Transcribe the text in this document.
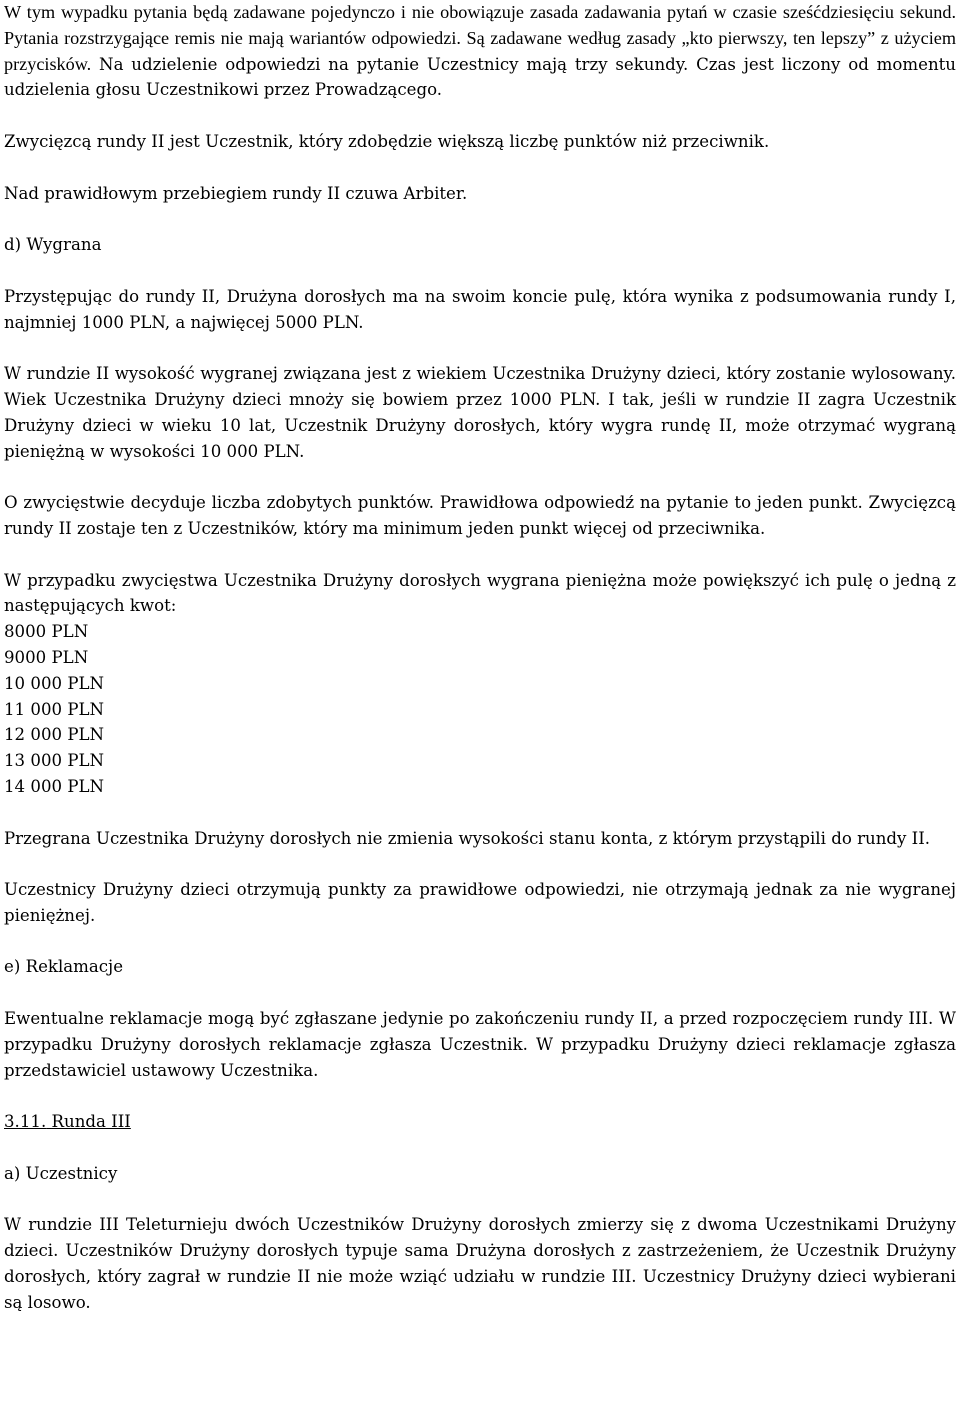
W tym wypadku pytania będą zadawane pojedynczo i nie obowiązuje zasada zadawania pytań w czasie sześćdziesięciu sekund. Pytania rozstrzygające remis nie mają wariantów odpowiedzi. Są zadawane według zasady „kto pierwszy, ten lepszy” z użyciem przycisków. Na udzielenie odpowiedzi na pytanie Uczestnicy mają trzy sekundy. Czas jest liczony od momentu udzielenia głosu Uczestnikowi przez Prowadzącego.

Zwycięzcą rundy II jest Uczestnik, który zdobędzie większą liczbę punktów niż przeciwnik.

Nad prawidłowym przebiegiem rundy II czuwa Arbiter.

d) Wygrana

Przystępując do rundy II, Drużyna dorosłych ma na swoim koncie pulę, która wynika z podsumowania rundy I, najmniej 1000 PLN, a najwięcej 5000 PLN.

W rundzie II wysokość wygranej związana jest z wiekiem Uczestnika Drużyny dzieci, który zostanie wylosowany. Wiek Uczestnika Drużyny dzieci mnoży się bowiem przez 1000 PLN. I tak, jeśli w rundzie II zagra Uczestnik Drużyny dzieci w wieku 10 lat, Uczestnik Drużyny dorosłych, który wygra rundę II, może otrzymać wygraną pieniężną w wysokości 10 000 PLN.

O zwycięstwie decyduje liczba zdobytych punktów. Prawidłowa odpowiedź na pytanie to jeden punkt. Zwycięzcą rundy II zostaje ten z Uczestników, który ma minimum jeden punkt więcej od przeciwnika.

W przypadku zwycięstwa Uczestnika Drużyny dorosłych wygrana pieniężna może powiększyć ich pulę o jedną z następujących kwot:

8000 PLN

9000 PLN

10 000 PLN

11 000 PLN

12 000 PLN

13 000 PLN

14 000 PLN

Przegrana Uczestnika Drużyny dorosłych nie zmienia wysokości stanu konta, z którym przystąpili do rundy II.

Uczestnicy Drużyny dzieci otrzymują punkty za prawidłowe odpowiedzi, nie otrzymają jednak za nie wygranej pieniężnej.

e) Reklamacje

Ewentualne reklamacje mogą być zgłaszane jedynie po zakończeniu rundy II, a przed rozpoczęciem rundy III. W przypadku Drużyny dorosłych reklamacje zgłasza Uczestnik. W przypadku Drużyny dzieci reklamacje zgłasza przedstawiciel ustawowy Uczestnika.

3.11. Runda III

a) Uczestnicy

W rundzie III Teleturnieju dwóch Uczestników Drużyny dorosłych zmierzy się z dwoma Uczestnikami Drużyny dzieci. Uczestników Drużyny dorosłych typuje sama Drużyna dorosłych z zastrzeżeniem, że Uczestnik Drużyny dorosłych, który zagrał w rundzie II nie może wziąć udziału w rundzie III. Uczestnicy Drużyny dzieci wybierani są losowo.
